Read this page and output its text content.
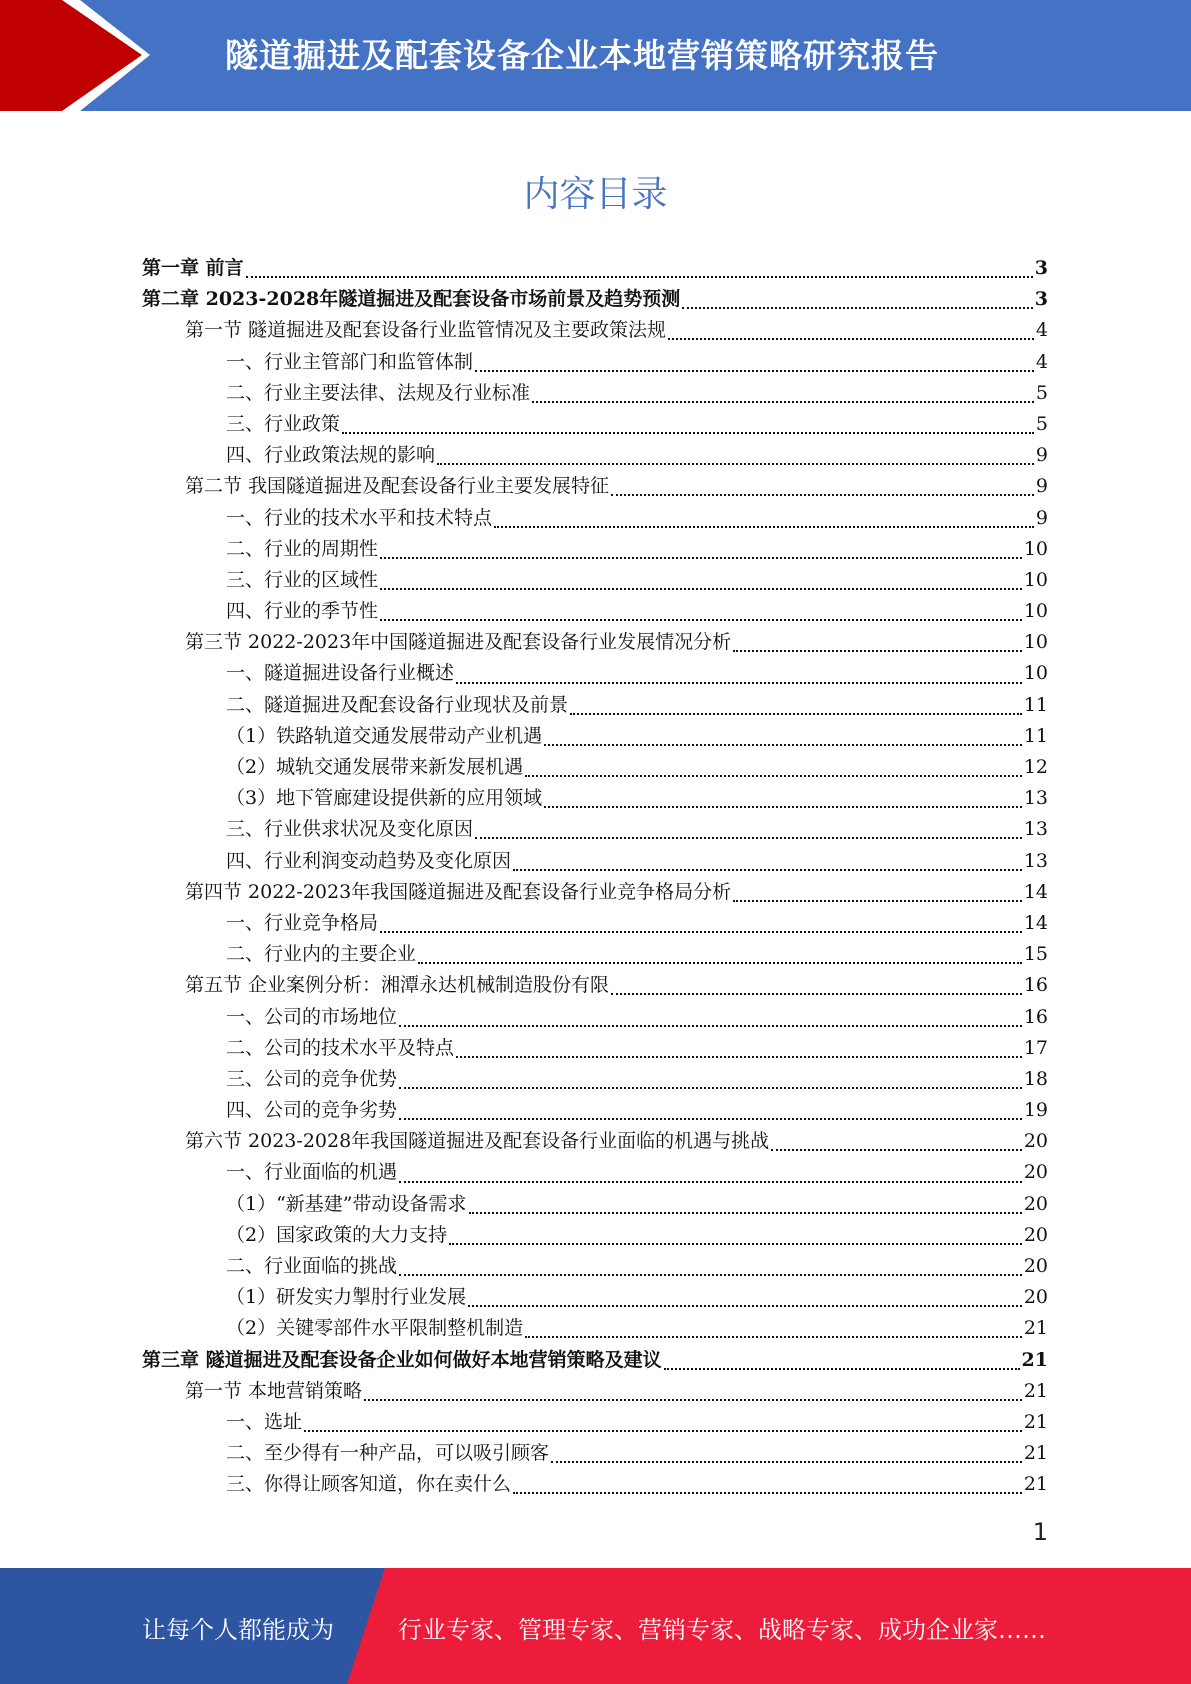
隧道掘进及配套设备企业本地营销策略研究报告
内容目录
第一章 前言	3
第二章 2023-2028年隧道掘进及配套设备市场前景及趋势预测	3
第一节 隧道掘进及配套设备行业监管情况及主要政策法规	4
一、行业主管部门和监管体制	4
二、行业主要法律、法规及行业标准	5
三、行业政策	5
四、行业政策法规的影响	9
第二节 我国隧道掘进及配套设备行业主要发展特征	9
一、行业的技术水平和技术特点	9
二、行业的周期性	10
三、行业的区域性	10
四、行业的季节性	10
第三节 2022-2023年中国隧道掘进及配套设备行业发展情况分析	10
一、隧道掘进设备行业概述	10
二、隧道掘进及配套设备行业现状及前景	11
（1）铁路轨道交通发展带动产业机遇	11
（2）城轨交通发展带来新发展机遇	12
（3）地下管廊建设提供新的应用领域	13
三、行业供求状况及变化原因	13
四、行业利润变动趋势及变化原因	13
第四节 2022-2023年我国隧道掘进及配套设备行业竞争格局分析	14
一、行业竞争格局	14
二、行业内的主要企业	15
第五节 企业案例分析：湘潭永达机械制造股份有限	16
一、公司的市场地位	16
二、公司的技术水平及特点	17
三、公司的竞争优势	18
四、公司的竞争劣势	19
第六节 2023-2028年我国隧道掘进及配套设备行业面临的机遇与挑战	20
一、行业面临的机遇	20
（1）“新基建”带动设备需求	20
（2）国家政策的大力支持	20
二、行业面临的挑战	20
（1）研发实力掣肘行业发展	20
（2）关键零部件水平限制整机制造	21
第三章 隧道掘进及配套设备企业如何做好本地营销策略及建议	21
第一节 本地营销策略	21
一、选址	21
二、至少得有一种产品，可以吸引顾客	21
三、你得让顾客知道，你在卖什么	21
1
让每个人都能成为	行业专家、管理专家、营销专家、战略专家、成功企业家……
